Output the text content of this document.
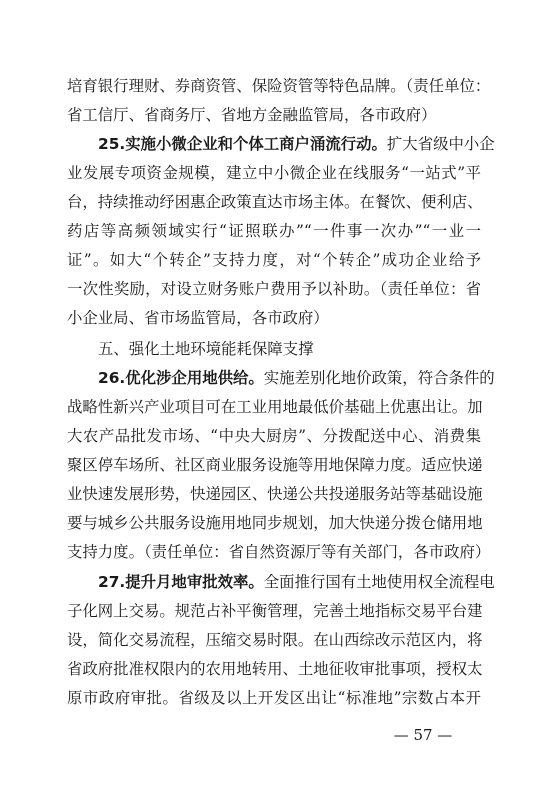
培育银行理财、券商资管、保险资管等特色品牌。（责任单位：
省工信厅、省商务厅、省地方金融监管局，各市政府）
25.实施小微企业和个体工商户涌流行动。扩大省级中小企
业发展专项资金规模，建立中小微企业在线服务“一站式”平
台，持续推动纾困惠企政策直达市场主体。在餐饮、便利店、
药店等高频领域实行“证照联办”“一件事一次办”“一业一
证”。如大“个转企”支持力度，对“个转企”成功企业给予
一次性奖励，对设立财务账户费用予以补助。（责任单位：省
小企业局、省市场监管局，各市政府）
五、强化土地环境能耗保障支撑
26.优化涉企用地供给。实施差别化地价政策，符合条件的
战略性新兴产业项目可在工业用地最低价基础上优惠出让。加
大农产品批发市场、“中央大厨房”、分拨配送中心、消费集
聚区停车场所、社区商业服务设施等用地保障力度。适应快递
业快速发展形势，快递园区、快递公共投递服务站等基础设施
要与城乡公共服务设施用地同步规划，加大快递分拨仓储用地
支持力度。（责任单位：省自然资源厅等有关部门，各市政府）
27.提升月地审批效率。全面推行国有土地使用权全流程电
子化网上交易。规范占补平衡管理，完善土地指标交易平台建
设，简化交易流程，压缩交易时限。在山西综改示范区内，将
省政府批准权限内的农用地转用、土地征收审批事项，授权太
原市政府审批。省级及以上开发区出让“标准地”宗数占本开
— 57 —
